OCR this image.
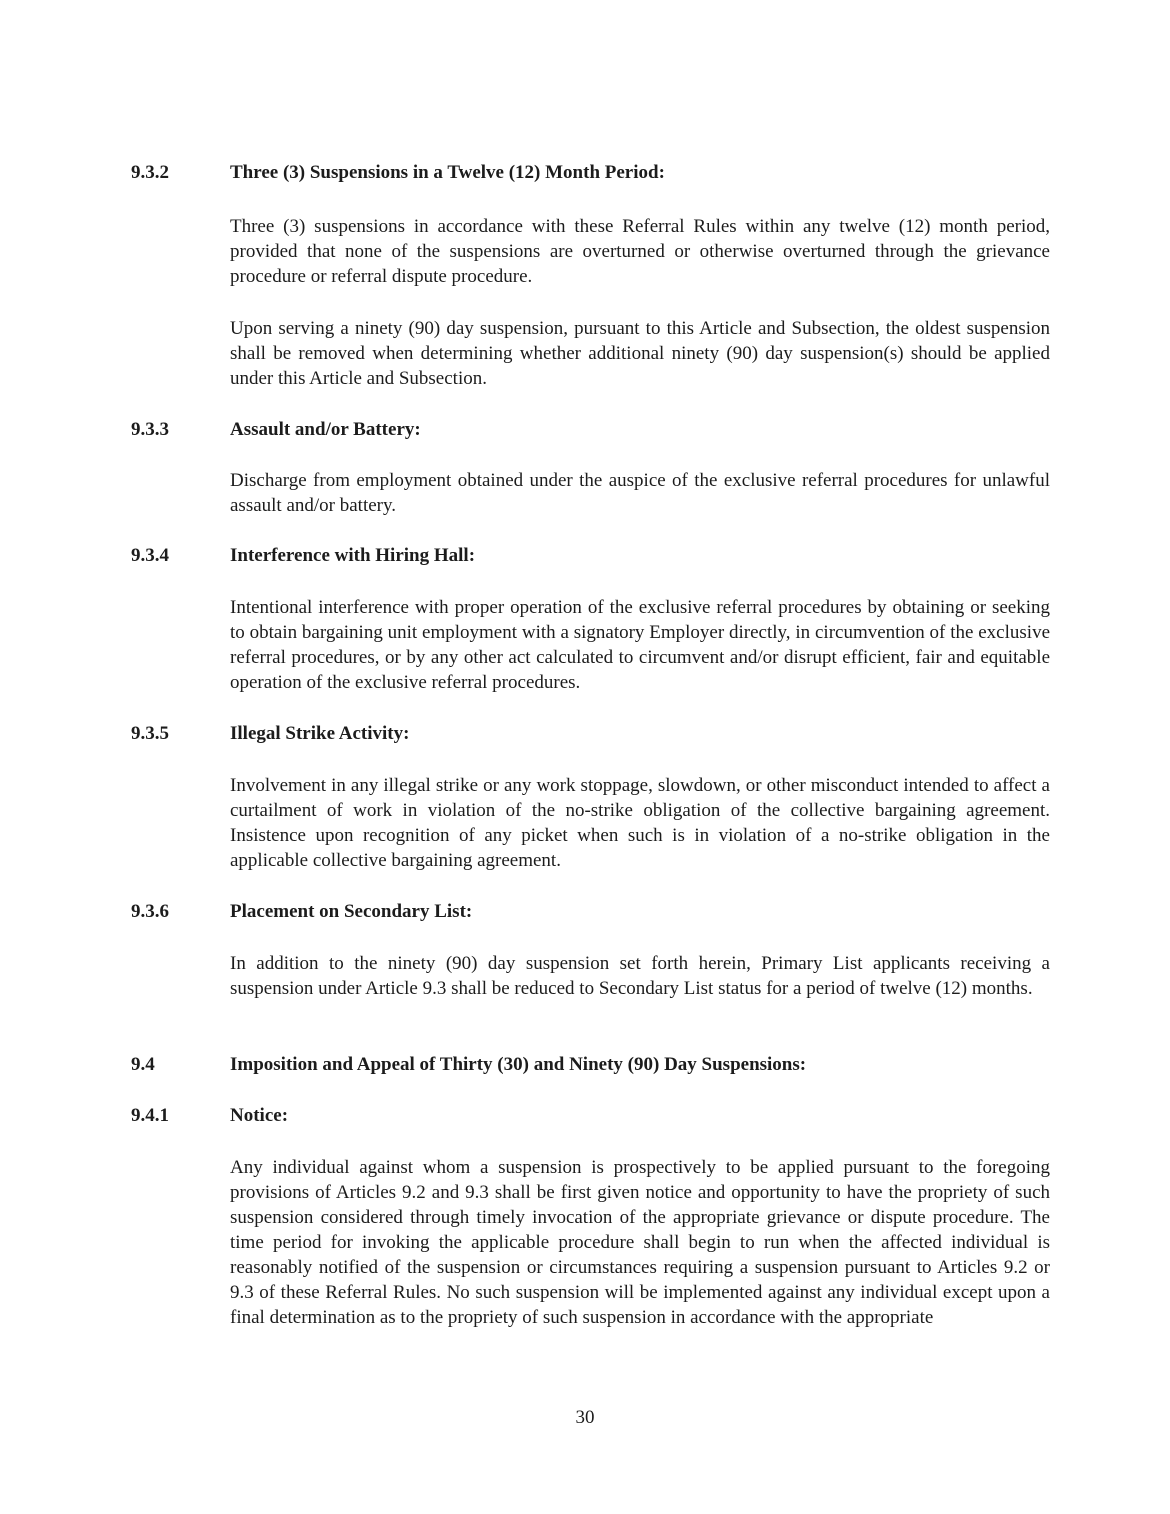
9.3.2	Three (3) Suspensions in a Twelve (12) Month Period:
Three (3) suspensions in accordance with these Referral Rules within any twelve (12) month period, provided that none of the suspensions are overturned or otherwise overturned through the grievance procedure or referral dispute procedure.
Upon serving a ninety (90) day suspension, pursuant to this Article and Subsection, the oldest suspension shall be removed when determining whether additional ninety (90) day suspension(s) should be applied under this Article and Subsection.
9.3.3	Assault and/or Battery:
Discharge from employment obtained under the auspice of the exclusive referral procedures for unlawful assault and/or battery.
9.3.4	Interference with Hiring Hall:
Intentional interference with proper operation of the exclusive referral procedures by obtaining or seeking to obtain bargaining unit employment with a signatory Employer directly, in circumvention of the exclusive referral procedures, or by any other act calculated to circumvent and/or disrupt efficient, fair and equitable operation of the exclusive referral procedures.
9.3.5	Illegal Strike Activity:
Involvement in any illegal strike or any work stoppage, slowdown, or other misconduct intended to affect a curtailment of work in violation of the no-strike obligation of the collective bargaining agreement. Insistence upon recognition of any picket when such is in violation of a no-strike obligation in the applicable collective bargaining agreement.
9.3.6	Placement on Secondary List:
In addition to the ninety (90) day suspension set forth herein, Primary List applicants receiving a suspension under Article 9.3 shall be reduced to Secondary List status for a period of twelve (12) months.
9.4	Imposition and Appeal of Thirty (30) and Ninety (90) Day Suspensions:
9.4.1	Notice:
Any individual against whom a suspension is prospectively to be applied pursuant to the foregoing provisions of Articles 9.2 and 9.3 shall be first given notice and opportunity to have the propriety of such suspension considered through timely invocation of the appropriate grievance or dispute procedure. The time period for invoking the applicable procedure shall begin to run when the affected individual is reasonably notified of the suspension or circumstances requiring a suspension pursuant to Articles 9.2 or 9.3 of these Referral Rules. No such suspension will be implemented against any individual except upon a final determination as to the propriety of such suspension in accordance with the appropriate
30
